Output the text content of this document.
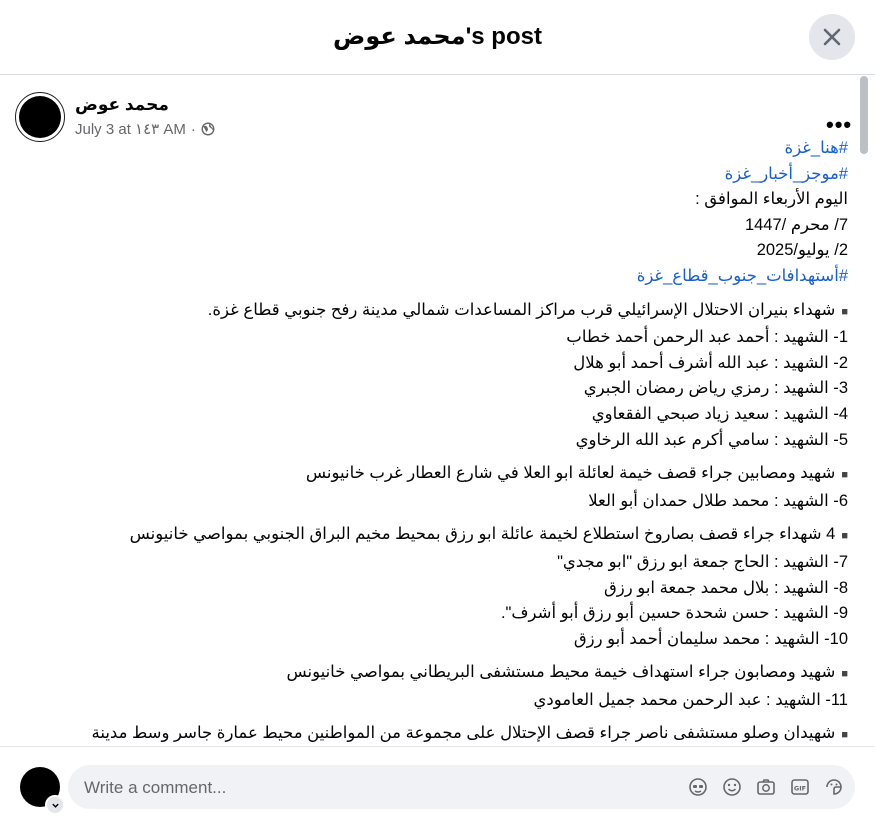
محمد عوض's post
محمد عوض
July 3 at ١٤٣ AM ·	•••
#هنا_غزة
#موجز_أخبار_غزة
اليوم الأربعاء الموافق :
7/ محرم /1447
2/ يوليو/2025
#أستهدافات_جنوب_قطاع_غزة
■شهداء بنيران الاحتلال الإسرائيلي قرب مراكز المساعدات شمالي مدينة رفح جنوبي قطاع غزة.
1- الشهيد : أحمد عبد الرحمن أحمد خطاب
2- الشهيد : عبد الله أشرف أحمد أبو هلال
3- الشهيد : رمزي رياض رمضان الجبري
4- الشهيد : سعيد زياد صبحي الفقعاوي
5- الشهيد : سامي أكرم عبد الله الرخاوي
■شهيد ومصابين جراء قصف خيمة لعائلة ابو العلا في شارع العطار غرب خانيونس
6- الشهيد : محمد طلال حمدان أبو العلا
■4 شهداء جراء قصف بصاروخ استطلاع لخيمة عائلة ابو رزق بمحيط مخيم البراق الجنوبي بمواصي خانيونس
7- الشهيد : الحاج جمعة ابو رزق "ابو مجدي"
8- الشهيد : بلال محمد جمعة ابو رزق
9- الشهيد : حسن شحدة حسين أبو رزق أبو أشرف".
10- الشهيد : محمد سليمان أحمد أبو رزق
■شهيد ومصابون جراء استهداف خيمة محيط مستشفى البريطاني بمواصي خانيونس
11- الشهيد : عبد الرحمن محمد جميل العامودي
■شهيدان وصلو مستشفى ناصر جراء قصف الإحتلال على مجموعة من المواطنين محيط عمارة جاسر وسط مدينة
Write a comment...
GIF
